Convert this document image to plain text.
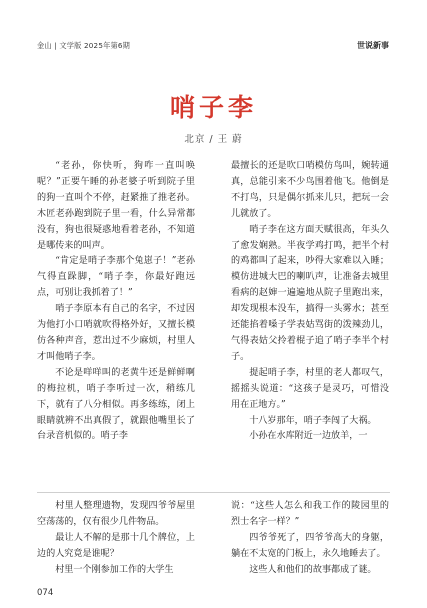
金山 | 文学版 2025年第6期	世说新事
哨子李
北京 / 王 蔚

“老孙，你快听，狗咋一直叫唤呢？”正要午睡的孙老婆子听到院子里的狗一直叫个不停，赶紧推了推老孙。木匠老孙跑到院子里一看，什么异常都没有，狗也很疑惑地看着老孙，不知道是哪传来的叫声。

“肯定是哨子李那个兔崽子！”老孙气得直跺脚，“哨子李，你最好跑远点，可别让我抓着了！”

哨子李原本有自己的名字，不过因为他打小口哨就吹得格外好，又擅长模仿各种声音，惹出过不少麻烦，村里人才叫他哨子李。

不论是咩咩叫的老黄牛还是鲜鲜啊的梅拉机，哨子李听过一次，稍练几下，就有了八分相似。再多练练，闭上眼睛就辨不出真假了，就跟他嘴里长了台录音机似的。哨子李

最擅长的还是吹口哨模仿鸟叫，婉转通真，总能引来不少鸟围着他飞。他倒是不打鸟，只是偶尔抓来儿只，把玩一会儿就放了。

哨子李在这方面天赋很高，年头久了愈发娴熟。半夜学鸡打鸣，把半个村的鸡都叫了起来，吵得大家难以入睡；模仿进城大巴的喇叭声，让准备去城里看病的赵婶一遍遍地从院子里跑出来，却发现根本没车，搞得一头雾水；甚至还能掐着嗓子学表姑骂街的泼辣劲儿，气得表姑父拎着棍子追了哨子李半个村子。

提起哨子李，村里的老人都叹气，摇摇头说道：“这孩子是灵巧，可惜没用在正地方。”

十八岁那年，哨子李闯了大祸。

小孙在水库附近一边放羊，一

村里人整理遗物，发现四爷爷屋里空荡荡的，仅有很少几件物品。

最让人不解的是那十几个牌位，上边的人究竟是谁呢？

村里一个刚参加工作的大学生

说：“这些人怎么和我工作的陵园里的烈士名字一样？”

四爷爷死了，四爷爷高大的身躯，躺在不太宽的门板上，永久地睡去了。

这些人和他们的故事都成了谜。

074
